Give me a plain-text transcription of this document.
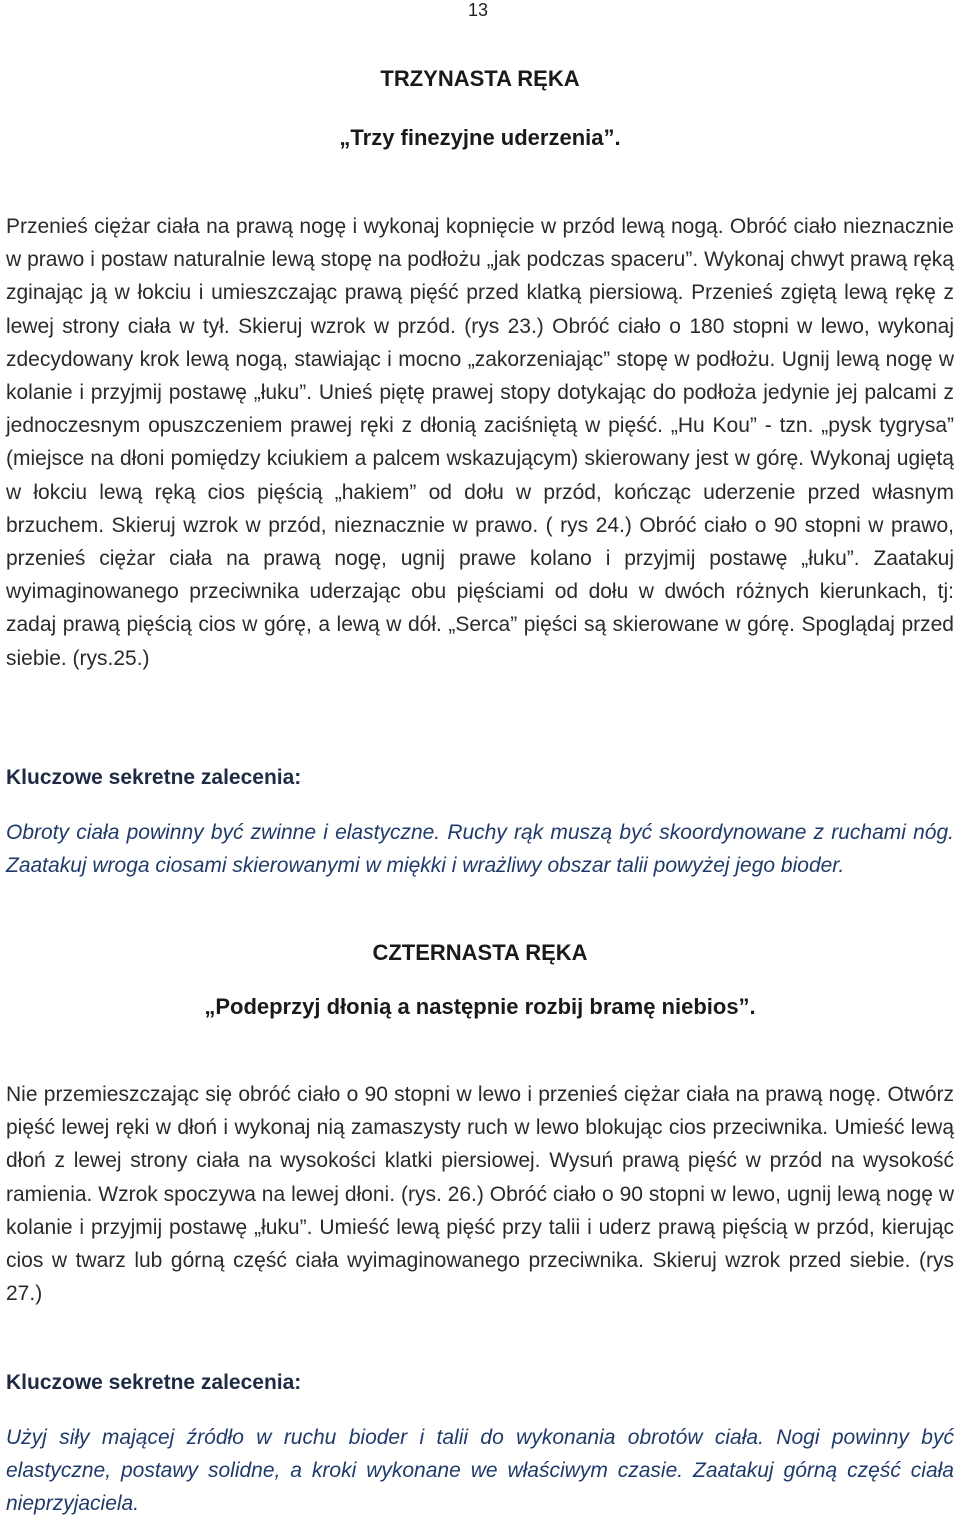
13
TRZYNASTA RĘKA
„Trzy finezyjne uderzenia”.
Przenieś ciężar ciała na prawą nogę i wykonaj kopnięcie w przód lewą nogą. Obróć ciało nieznacznie w prawo i postaw naturalnie lewą stopę na podłożu „jak podczas spaceru”. Wykonaj chwyt prawą ręką zginając ją w łokciu i umieszczając prawą pięść przed klatką piersiową. Przenieś zgiętą lewą rękę z lewej strony ciała w tył. Skieruj wzrok w przód. (rys 23.) Obróć ciało o 180 stopni w lewo, wykonaj zdecydowany krok lewą nogą, stawiając i mocno „zakorzeniając” stopę w podłożu. Ugnij lewą nogę w kolanie i przyjmij postawę „łuku”. Unieś piętę prawej stopy dotykając do podłoża jedynie jej palcami z jednoczesnym opuszczeniem prawej ręki z dłonią zaciśniętą w pięść. „Hu Kou” - tzn. „pysk tygrysa” (miejsce na dłoni pomiędzy kciukiem a palcem wskazującym) skierowany jest w górę. Wykonaj ugiętą w łokciu lewą ręką cios pięścią „hakiem” od dołu w przód, kończąc uderzenie przed własnym brzuchem. Skieruj wzrok w przód, nieznacznie w prawo. ( rys 24.) Obróć ciało o 90 stopni w prawo, przenieś ciężar ciała na prawą nogę, ugnij prawe kolano i przyjmij postawę „łuku”. Zaatakuj wyimaginowanego przeciwnika uderzając obu pięściami od dołu w dwóch różnych kierunkach, tj: zadaj prawą pięścią cios w górę, a lewą w dół. „Serca” pięści są skierowane w górę. Spoglądaj przed siebie. (rys.25.)
Kluczowe sekretne zalecenia:
Obroty ciała powinny być zwinne i elastyczne. Ruchy rąk muszą być skoordynowane z ruchami nóg. Zaatakuj wroga ciosami skierowanymi w miękki i wrażliwy obszar talii powyżej jego bioder.
CZTERNASTA RĘKA
„Podeprzyj dłonią a następnie rozbij bramę niebios”.
Nie przemieszczając się obróć ciało o 90 stopni w lewo i przenieś ciężar ciała na prawą nogę. Otwórz pięść lewej ręki w dłoń i wykonaj nią zamaszysty ruch w lewo blokując cios przeciwnika. Umieść lewą dłoń z lewej strony ciała na wysokości klatki piersiowej. Wysuń prawą pięść w przód na wysokość ramienia. Wzrok spoczywa na lewej dłoni. (rys. 26.) Obróć ciało o 90 stopni w lewo, ugnij lewą nogę w kolanie i przyjmij postawę „łuku”. Umieść lewą pięść przy talii i uderz prawą pięścią w przód, kierując cios w twarz lub górną część ciała wyimaginowanego przeciwnika. Skieruj wzrok przed siebie. (rys 27.)
Kluczowe sekretne zalecenia:
Użyj siły mającej źródło w ruchu bioder i talii do wykonania obrotów ciała. Nogi powinny być elastyczne, postawy solidne, a kroki wykonane we właściwym czasie. Zaatakuj górną część ciała nieprzyjaciela.
